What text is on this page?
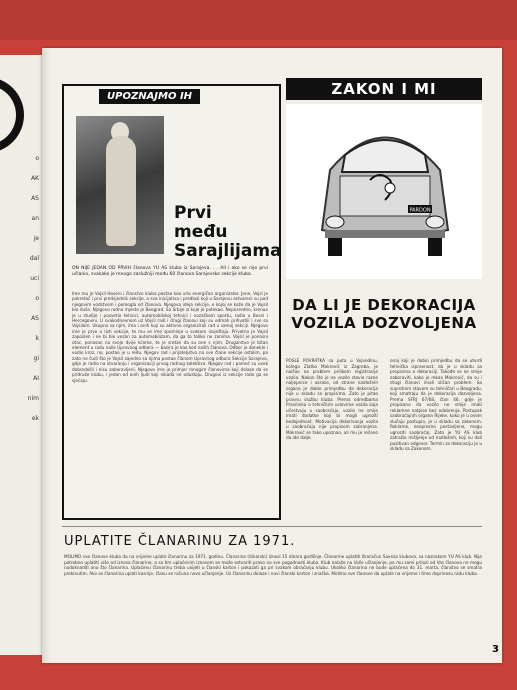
o
AK
AS
an
je
dal
uci
o
AS
k
gi
AI
nim
ek
UPOZNAJMO IH
Prvi
među
Sarajlijama
ON NIJE JEDAN OD PRVIH članova YU AS kluba iz Sarajeva. . . All i ako se nije prvi učlanio, svakako je mnogo zaslužniji među 60 članova Sarajevske sekcije kluba.
Ime mu je Vojsil Hoseni i članstvo kluba postao kao vrlo energičan organizator. Jone, Vojsl je pokretač i prvi predsjednik sekcije, a sva inicijativa i predlozi koji u Sarajevu ostvareni su pod njegovim vodstvom i pomogla od članova. Njegova ideja sekcije, o kojoj se kaže da je Vojsil bio duša. Njegovo rodno mjesto je Beograd, Sa Srbije iz koje je potekao. Neposredno, krenuo je u studije i posvetio tehnici, automobilskoj tehnici i vozačkom sportu, radio u Bosni i Hercegovini. U svakodnevnom uz Vojsil radi i drugi članovi koji su odmah prihvatili i sve sa Vojsilom. Ukupno sa njim, ima i onih koji su aktivno organizirali rad u samoj sekciji. Njegovo ime je prvo u listi sekcije, te mu se ime spominje u svakom izvještaju. Privatno je Vojsil zaposlen i ne bi bio vezan za automobilizam, da ga to toliko ne zanima. Vojsil je ponosni otac, ponosan na svoje dvije kćerke, te je sretan da su one s njim. Drugarstvo je bitan element u radu naše Upravnog odbora — bazira je kao kod naših članova. Odbor je donekle i vodio kroz, no, postao je u redu. Njegov rad i prijateljstvo na sve člane sekcije ostalim, pa zato ne čudi što je Vojsil zajedno sa njima postao članom Upravnog odbora Sekcije Sarajevo, gdje je radio na stvaranju i organizaciji prvog radnog kolektiva. Njegov rad i pomoć su uvek dobrodošli i nisu zaboravljeni. Njegovo ime je primjer mnogim članovima koji dolaze da se pridruže klubu, i jedan od onih ljudi koji nikada ne odustaju. Drugovi iz sekcije rado ga se sjećaju.
ZAKON I MI
PARDON
DA LI JE DEKORACIJA
VOZILA DOZVOLJENA
POSLE POVRATKA sa puta u Vojvodinu, kolega Zlatko Mokrović iz Zagreba, je naišao na problem prilikom registracije vozila. Nakon što je na vozilo stavio razne naljepnice i ukrase, od strane nadležnih organa je dobio primjedbu da dekoracija nije u skladu sa propisima. Zato je pitao pravnu službu kluba. Prema odredbama Pravilnika o tehničkim uslovima vozila koja učestvuju u saobraćaju, vozilo ne smije imati dodatke koji bi mogli ugroziti bezbjednost. Motivacija dekorisanja vozila u saobraćaju nije propisom zabranjena. Mokrović se tako upoznao, ali mu je rečeno da ide dalje.
onaj koji je dobio primjedbu da se utvrdi tehnička ispravnost, da je u skladu sa propisima o dekoraciji. Takođe se ne smije zaboraviti, kako je rekao Mokrović, da su i drugi članovi imali sličan problem. Sa suprotnim stavom su tehničari u Beogradu, koji smatraju da je dekoracija dozvoljena. Prema SFRJ 67/68, član 46, gdje je propisano da vozilo ne smije imati reklamne natpise bez odobrenja. Postupak saobraćajnih organa Rijeke, kako je u ovom slučaju postupio, je u skladu sa zakonom. Reklame, neoprezno postavljene, mogu ugroziti saobraćaj. Zato je YU AS klub zatražio mišljenje od nadležnih, koji su dali pozitivan odgovor. Termin za dekoraciju je u skladu sa Zakonom.
UPLATITE ČLANARINU ZA 1971.
MOLIMO sve članove kluba da na vrijeme uplate članarinu za 1971. godinu. Članarina (dinarski) iznosi 15 dinara godišnje. Članarine uplatiti žiroračun Saveza klubova, sa naznakom YU AS klub. Nije potrebno uplatiti više od iznosa članarine, a sa tim uplaćenim iznosom se može ostvariti pravo na sve pogodnosti kluba. Klub nalaže na Vaše učlanjenje, pa mu sami prilozi od Vas članova ne mogu nadoknaditi ono što članarina. Uplaćenu članarinu treba unijeti u članski karton i pokazati ga pri svakom obraćanju klubu. Ukoliko članarina ne bude uplaćena do 31. marta, članstvo se smatra prekinutim. Ako se članarina uplati kasnije, članu se računa novo učlanjenje. Uz članarinu dolaze i novi članski karton i značka. Molimo sve članove da uplate na vrijeme i time doprinesu radu kluba.
3
